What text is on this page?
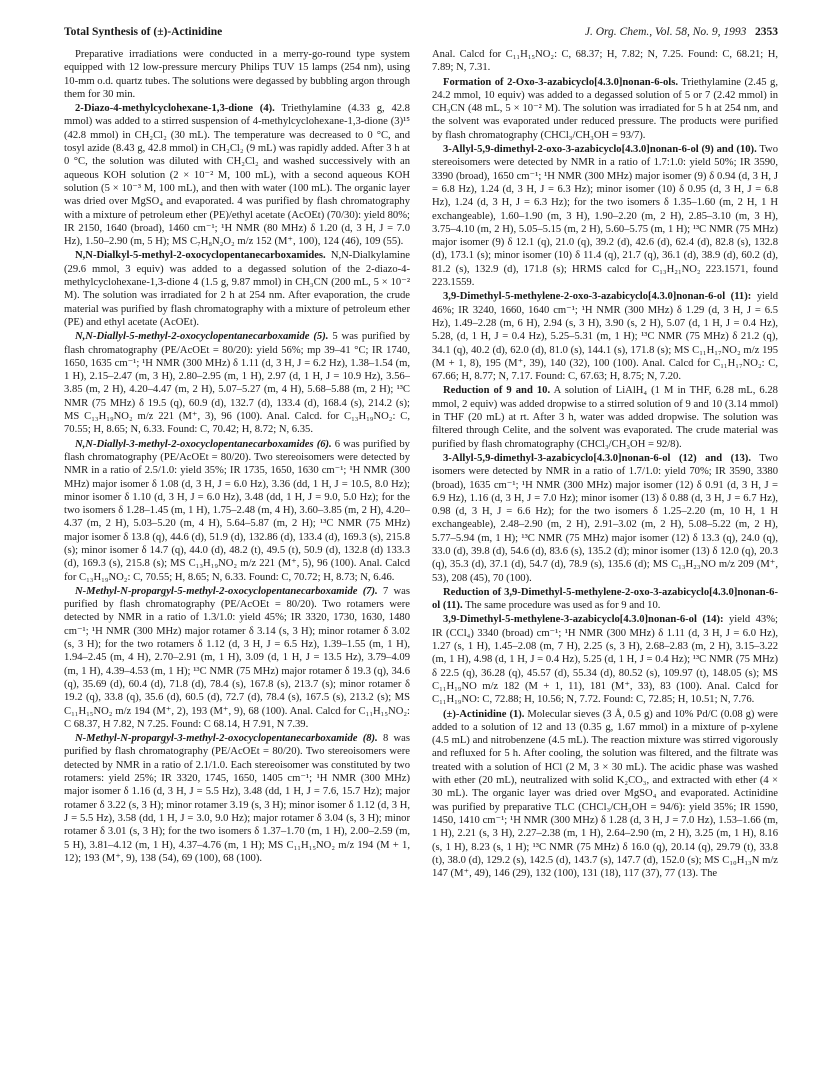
Total Synthesis of (±)-Actinidine	J. Org. Chem., Vol. 58, No. 9, 1993 2353

Preparative irradiations were conducted in a merry-go-round type system equipped with 12 low-pressure mercury Philips TUV 15 lamps (254 nm), using 10-mm o.d. quartz tubes. The solutions were degassed by bubbling argon through them for 30 min.

2-Diazo-4-methylcyclohexane-1,3-dione (4). Triethylamine (4.33 g, 42.8 mmol) was added to a stirred suspension of 4-methylcyclohexane-1,3-dione (3)¹⁵ (42.8 mmol) in CH₂Cl₂ (30 mL). The temperature was decreased to 0 °C, and tosyl azide (8.43 g, 42.8 mmol) in CH₂Cl₂ (9 mL) was rapidly added. After 3 h at 0 °C, the solution was diluted with CH₂Cl₂ and washed successively with an aqueous KOH solution (2 × 10⁻² M, 100 mL), with a second aqueous KOH solution (5 × 10⁻³ M, 100 mL), and then with water (100 mL). The organic layer was dried over MgSO₄ and evaporated. 4 was purified by flash chromatography with a mixture of petroleum ether (PE)/ethyl acetate (AcOEt) (70/30): yield 80%; IR 2150, 1640 (broad), 1460 cm⁻¹; ¹H NMR (80 MHz) δ 1.20 (d, 3 H, J = 7.0 Hz), 1.50–2.90 (m, 5 H); MS C₇H₈N₂O₂ m/z 152 (M⁺, 100), 124 (46), 109 (55).

N,N-Dialkyl-5-methyl-2-oxocyclopentanecarboxamides. N,N-Dialkylamine (29.6 mmol, 3 equiv) was added to a degassed solution of the 2-diazo-4-methylcyclohexane-1,3-dione 4 (1.5 g, 9.87 mmol) in CH₃CN (200 mL, 5 × 10⁻² M). The solution was irradiated for 2 h at 254 nm. After evaporation, the crude material was purified by flash chromatography with a mixture of petroleum ether (PE) and ethyl acetate (AcOEt).

N,N-Diallyl-5-methyl-2-oxocyclopentanecarboxamide (5). 5 was purified by flash chromatography (PE/AcOEt = 80/20): yield 56%; mp 39–41 °C; IR 1740, 1650, 1635 cm⁻¹; ¹H NMR (300 MHz) δ 1.11 (d, 3 H, J = 6.2 Hz), 1.38–1.54 (m, 1 H), 2.15–2.47 (m, 3 H), 2.80–2.95 (m, 1 H), 2.97 (d, 1 H, J = 10.9 Hz), 3.56–3.85 (m, 2 H), 4.20–4.47 (m, 2 H), 5.07–5.27 (m, 4 H), 5.68–5.88 (m, 2 H); ¹³C NMR (75 MHz) δ 19.5 (q), 60.9 (d), 132.7 (d), 133.4 (d), 168.4 (s), 214.2 (s); MS C₁₃H₁₉NO₂ m/z 221 (M⁺, 3), 96 (100). Anal. Calcd. for C₁₃H₁₉NO₂: C, 70.55; H, 8.65; N, 6.33. Found: C, 70.42; H, 8.72; N, 6.35.

N,N-Diallyl-3-methyl-2-oxocyclopentanecarboxamides (6). 6 was purified by flash chromatography (PE/AcOEt = 80/20). Two stereoisomers were detected by NMR in a ratio of 2.5/1.0: yield 35%; IR 1735, 1650, 1630 cm⁻¹; ¹H NMR (300 MHz) major isomer δ 1.08 (d, 3 H, J = 6.0 Hz), 3.36 (dd, 1 H, J = 10.5, 8.0 Hz); minor isomer δ 1.10 (d, 3 H, J = 6.0 Hz), 3.48 (dd, 1 H, J = 9.0, 5.0 Hz); for the two isomers δ 1.28–1.45 (m, 1 H), 1.75–2.48 (m, 4 H), 3.60–3.85 (m, 2 H), 4.20–4.37 (m, 2 H), 5.03–5.20 (m, 4 H), 5.64–5.87 (m, 2 H); ¹³C NMR (75 MHz) major isomer δ 13.8 (q), 44.6 (d), 51.9 (d), 132.86 (d), 133.4 (d), 169.3 (s), 215.8 (s); minor isomer δ 14.7 (q), 44.0 (d), 48.2 (t), 49.5 (t), 50.9 (d), 132.8 (d) 133.3 (d), 169.3 (s), 215.8 (s); MS C₁₃H₁₉NO₂ m/z 221 (M⁺, 5), 96 (100). Anal. Calcd for C₁₃H₁₉NO₂: C, 70.55; H, 8.65; N, 6.33. Found: C, 70.72; H, 8.73; N, 6.46.

N-Methyl-N-propargyl-5-methyl-2-oxocyclopentanecarboxamide (7). 7 was purified by flash chromatography (PE/AcOEt = 80/20). Two rotamers were detected by NMR in a ratio of 1.3/1.0: yield 45%; IR 3320, 1730, 1630, 1480 cm⁻¹; ¹H NMR (300 MHz) major rotamer δ 3.14 (s, 3 H); minor rotamer δ 3.02 (s, 3 H); for the two rotamers δ 1.12 (d, 3 H, J = 6.5 Hz), 1.39–1.55 (m, 1 H), 1.94–2.45 (m, 4 H), 2.70–2.91 (m, 1 H), 3.09 (d, 1 H, J = 13.5 Hz), 3.79–4.09 (m, 1 H), 4.39–4.53 (m, 1 H); ¹³C NMR (75 MHz) major rotamer δ 19.3 (q), 34.6 (q), 35.69 (d), 60.4 (d), 71.8 (d), 78.4 (s), 167.8 (s), 213.7 (s); minor rotamer δ 19.2 (q), 33.8 (q), 35.6 (d), 60.5 (d), 72.7 (d), 78.4 (s), 167.5 (s), 213.2 (s); MS C₁₁H₁₅NO₂ m/z 194 (M⁺, 2), 193 (M⁺, 9), 68 (100). Anal. Calcd for C₁₁H₁₅NO₂: C 68.37, H 7.82, N 7.25. Found: C 68.14, H 7.91, N 7.39.

N-Methyl-N-propargyl-3-methyl-2-oxocyclopentanecarboxamide (8). 8 was purified by flash chromatography (PE/AcOEt = 80/20). Two stereoisomers were detected by NMR in a ratio of 2.1/1.0. Each stereoisomer was constituted by two rotamers: yield 25%; IR 3320, 1745, 1650, 1405 cm⁻¹; ¹H NMR (300 MHz) major isomer δ 1.16 (d, 3 H, J = 5.5 Hz), 3.48 (dd, 1 H, J = 7.6, 15.7 Hz); major rotamer δ 3.22 (s, 3 H); minor rotamer 3.19 (s, 3 H); minor isomer δ 1.12 (d, 3 H, J = 5.5 Hz), 3.58 (dd, 1 H, J = 3.0, 9.0 Hz); major rotamer δ 3.04 (s, 3 H); minor rotamer δ 3.01 (s, 3 H); for the two isomers δ 1.37–1.70 (m, 1 H), 2.00–2.59 (m, 5 H), 3.81–4.12 (m, 1 H), 4.37–4.76 (m, 1 H); MS C₁₁H₁₅NO₂ m/z 194 (M + 1, 12); 193 (M⁺, 9), 138 (54), 69 (100), 68 (100).

Anal. Calcd for C₁₁H₁₅NO₂: C, 68.37; H, 7.82; N, 7.25. Found: C, 68.21; H, 7.89; N, 7.31.

Formation of 2-Oxo-3-azabicyclo[4.3.0]nonan-6-ols. Triethylamine (2.45 g, 24.2 mmol, 10 equiv) was added to a degassed solution of 5 or 7 (2.42 mmol) in CH₃CN (48 mL, 5 × 10⁻² M). The solution was irradiated for 5 h at 254 nm, and the solvent was evaporated under reduced pressure. The products were purified by flash chromatography (CHCl₃/CH₃OH = 93/7).

3-Allyl-5,9-dimethyl-2-oxo-3-azabicyclo[4.3.0]nonan-6-ol (9) and (10). Two stereoisomers were detected by NMR in a ratio of 1.7:1.0: yield 50%; IR 3590, 3390 (broad), 1650 cm⁻¹; ¹H NMR (300 MHz) major isomer (9) δ 0.94 (d, 3 H, J = 6.8 Hz), 1.24 (d, 3 H, J = 6.3 Hz); minor isomer (10) δ 0.95 (d, 3 H, J = 6.8 Hz), 1.24 (d, 3 H, J = 6.3 Hz); for the two isomers δ 1.35–1.60 (m, 2 H, 1 H exchangeable), 1.60–1.90 (m, 3 H), 1.90–2.20 (m, 2 H), 2.85–3.10 (m, 3 H), 3.75–4.10 (m, 2 H), 5.05–5.15 (m, 2 H), 5.60–5.75 (m, 1 H); ¹³C NMR (75 MHz) major isomer (9) δ 12.1 (q), 21.0 (q), 39.2 (d), 42.6 (d), 62.4 (d), 82.8 (s), 132.8 (d), 173.1 (s); minor isomer (10) δ 11.4 (q), 21.7 (q), 36.1 (d), 38.9 (d), 60.2 (d), 81.2 (s), 132.9 (d), 171.8 (s); HRMS calcd for C₁₃H₂₁NO₂ 223.1571, found 223.1559.

3,9-Dimethyl-5-methylene-2-oxo-3-azabicyclo[4.3.0]nonan-6-ol (11): yield 46%; IR 3240, 1660, 1640 cm⁻¹; ¹H NMR (300 MHz) δ 1.29 (d, 3 H, J = 6.5 Hz), 1.49–2.28 (m, 6 H), 2.94 (s, 3 H), 3.90 (s, 2 H), 5.07 (d, 1 H, J = 0.4 Hz), 5.28, (d, 1 H, J = 0.4 Hz), 5.25–5.31 (m, 1 H); ¹³C NMR (75 MHz) δ 21.2 (q), 34.1 (q), 40.2 (d), 62.0 (d), 81.0 (s), 144.1 (s), 171.8 (s); MS C₁₁H₁₇NO₂ m/z 195 (M + 1, 8), 195 (M⁺, 39), 140 (32), 100 (100). Anal. Calcd for C₁₁H₁₇NO₂: C, 67.66; H, 8.77; N, 7.17. Found: C, 67.63; H, 8.75; N, 7.20.

Reduction of 9 and 10. A solution of LiAlH₄ (1 M in THF, 6.28 mL, 6.28 mmol, 2 equiv) was added dropwise to a stirred solution of 9 and 10 (3.14 mmol) in THF (20 mL) at rt. After 3 h, water was added dropwise. The solution was filtered through Celite, and the solvent was evaporated. The crude material was purified by flash chromatography (CHCl₃/CH₃OH = 92/8).

3-Allyl-5,9-dimethyl-3-azabicyclo[4.3.0]nonan-6-ol (12) and (13). Two isomers were detected by NMR in a ratio of 1.7/1.0: yield 70%; IR 3590, 3380 (broad), 1635 cm⁻¹; ¹H NMR (300 MHz) major isomer (12) δ 0.91 (d, 3 H, J = 6.9 Hz), 1.16 (d, 3 H, J = 7.0 Hz); minor isomer (13) δ 0.88 (d, 3 H, J = 6.7 Hz), 0.98 (d, 3 H, J = 6.6 Hz); for the two isomers δ 1.25–2.20 (m, 10 H, 1 H exchangeable), 2.48–2.90 (m, 2 H), 2.91–3.02 (m, 2 H), 5.08–5.22 (m, 2 H), 5.77–5.94 (m, 1 H); ¹³C NMR (75 MHz) major isomer (12) δ 13.3 (q), 24.0 (q), 33.0 (d), 39.8 (d), 54.6 (d), 83.6 (s), 135.2 (d); minor isomer (13) δ 12.0 (q), 20.3 (q), 35.3 (d), 37.1 (d), 54.7 (d), 78.9 (s), 135.6 (d); MS C₁₃H₂₃NO m/z 209 (M⁺, 53), 208 (45), 70 (100).

Reduction of 3,9-Dimethyl-5-methylene-2-oxo-3-azabicyclo[4.3.0]nonan-6-ol (11). The same procedure was used as for 9 and 10.

3,9-Dimethyl-5-methylene-3-azabicyclo[4.3.0]nonan-6-ol (14): yield 43%; IR (CCl₄) 3340 (broad) cm⁻¹; ¹H NMR (300 MHz) δ 1.11 (d, 3 H, J = 6.0 Hz), 1.27 (s, 1 H), 1.45–2.08 (m, 7 H), 2.25 (s, 3 H), 2.68–2.83 (m, 2 H), 3.15–3.22 (m, 1 H), 4.98 (d, 1 H, J = 0.4 Hz), 5.25 (d, 1 H, J = 0.4 Hz); ¹³C NMR (75 MHz) δ 22.5 (q), 36.28 (q), 45.57 (d), 55.34 (d), 80.52 (s), 109.97 (t), 148.05 (s); MS C₁₁H₁₉NO m/z 182 (M + 1, 11), 181 (M⁺, 33), 83 (100). Anal. Calcd for C₁₁H₁₉NO: C, 72.88; H, 10.56; N, 7.72. Found: C, 72.85; H, 10.51; N, 7.76.

(±)-Actinidine (1). Molecular sieves (3 Å, 0.5 g) and 10% Pd/C (0.08 g) were added to a solution of 12 and 13 (0.35 g, 1.67 mmol) in a mixture of p-xylene (4.5 mL) and nitrobenzene (4.5 mL). The reaction mixture was stirred vigorously and refluxed for 5 h. After cooling, the solution was filtered, and the filtrate was treated with a solution of HCl (2 M, 3 × 30 mL). The acidic phase was washed with ether (20 mL), neutralized with solid K₂CO₃, and extracted with ether (4 × 30 mL). The organic layer was dried over MgSO₄ and evaporated. Actinidine was purified by preparative TLC (CHCl₃/CH₃OH = 94/6): yield 35%; IR 1590, 1450, 1410 cm⁻¹; ¹H NMR (300 MHz) δ 1.28 (d, 3 H, J = 7.0 Hz), 1.53–1.66 (m, 1 H), 2.21 (s, 3 H), 2.27–2.38 (m, 1 H), 2.64–2.90 (m, 2 H), 3.25 (m, 1 H), 8.16 (s, 1 H), 8.23 (s, 1 H); ¹³C NMR (75 MHz) δ 16.0 (q), 20.14 (q), 29.79 (t), 33.8 (t), 38.0 (d), 129.2 (s), 142.5 (d), 143.7 (s), 147.7 (d), 152.0 (s); MS C₁₀H₁₃N m/z 147 (M⁺, 49), 146 (29), 132 (100), 131 (18), 117 (37), 77 (13). The
